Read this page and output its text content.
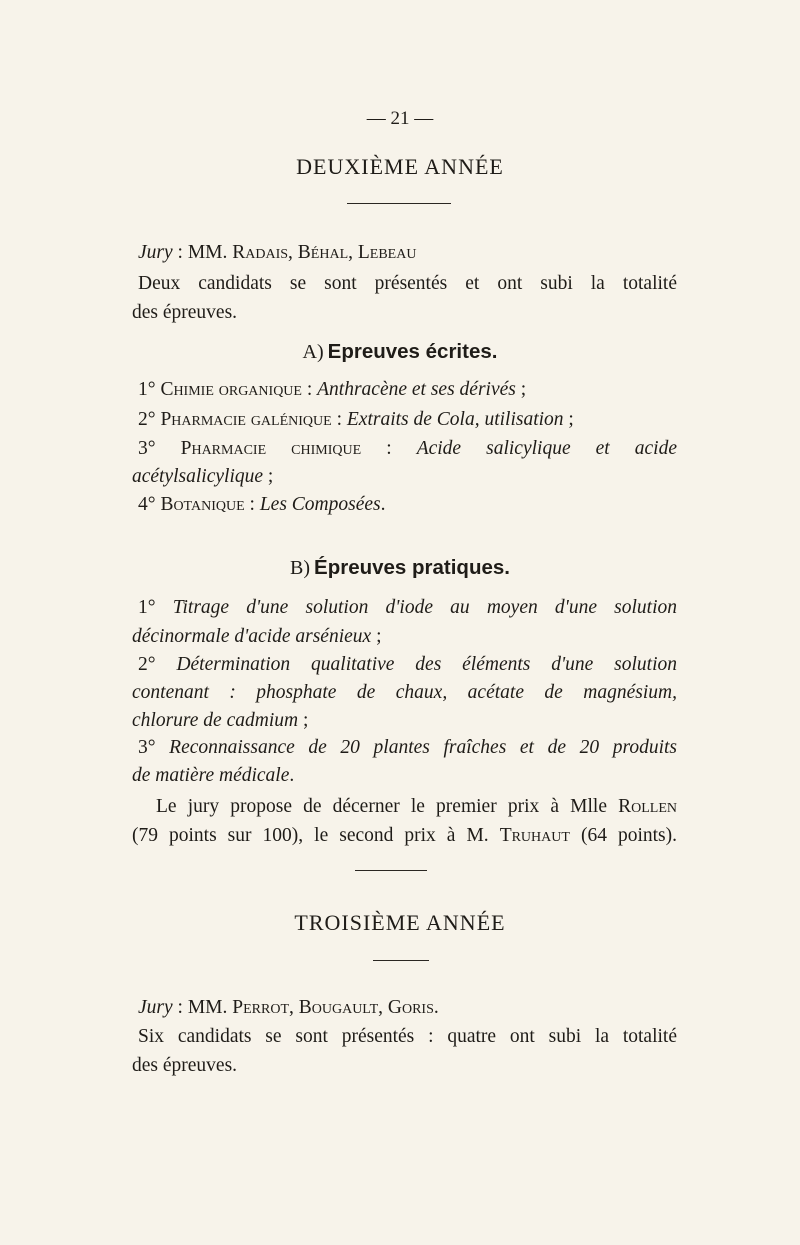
— 21 —
DEUXIÈME ANNÉE
Jury : MM. Radais, Béhal, Lebeau
Deux candidats se sont présentés et ont subi la totalité
des épreuves.
A) Epreuves écrites.
1° Chimie organique : Anthracène et ses dérivés ;
2° Pharmacie galénique : Extraits de Cola, utilisation ;
3° Pharmacie chimique : Acide salicylique et acide
acétylsalicylique ;
4° Botanique : Les Composées.
B) Épreuves pratiques.
1° Titrage d'une solution d'iode au moyen d'une solution
décinormale d'acide arsénieux ;
2° Détermination qualitative des éléments d'une solution
contenant : phosphate de chaux, acétate de magnésium,
chlorure de cadmium ;
3° Reconnaissance de 20 plantes fraîches et de 20 produits
de matière médicale.
Le jury propose de décerner le premier prix à Mlle Rollen
(79 points sur 100), le second prix à M. Truhaut (64 points).
TROISIÈME ANNÉE
Jury : MM. Perrot, Bougault, Goris.
Six candidats se sont présentés : quatre ont subi la totalité
des épreuves.
